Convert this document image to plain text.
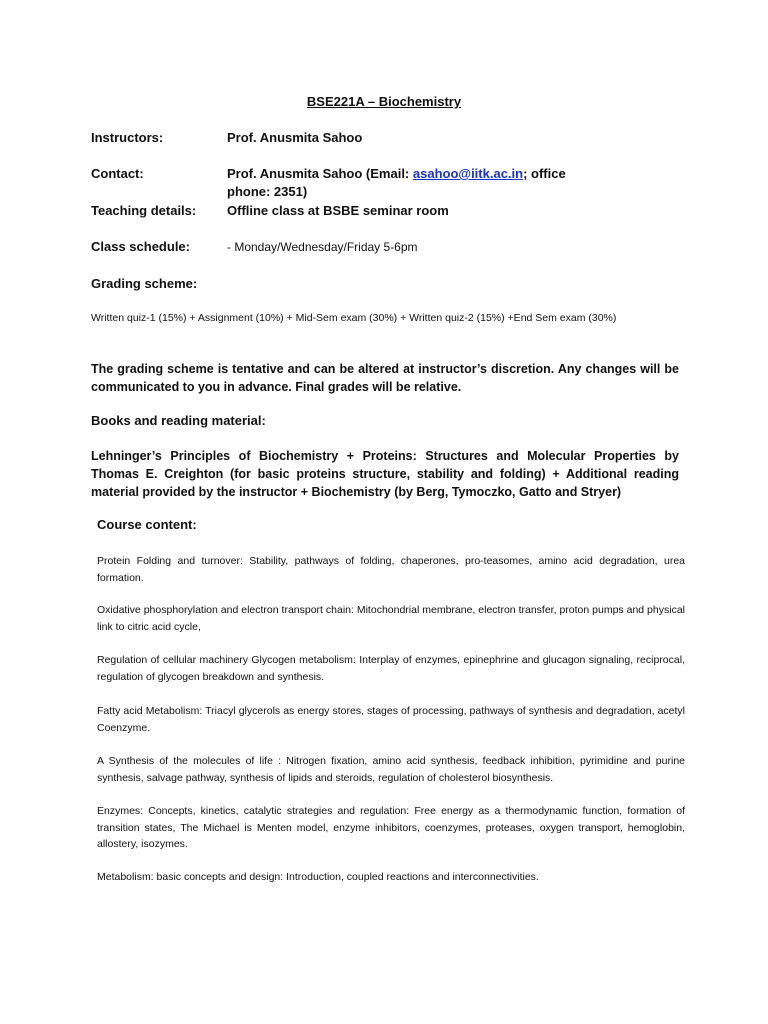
BSE221A – Biochemistry
Instructors:	Prof. Anusmita Sahoo
Contact:	Prof. Anusmita Sahoo (Email: asahoo@iitk.ac.in; office
phone: 2351)
Teaching details: Offline class at BSBE seminar room
Class schedule:	- Monday/Wednesday/Friday 5-6pm
Grading scheme:
Written quiz-1 (15%) + Assignment (10%) + Mid-Sem exam (30%) + Written quiz-2 (15%) +End Sem exam (30%)
The grading scheme is tentative and can be altered at instructor’s discretion. Any changes will be communicated to you in advance. Final grades will be relative.
Books and reading material:
Lehninger’s Principles of Biochemistry + Proteins: Structures and Molecular Properties by Thomas E. Creighton (for basic proteins structure, stability and folding) + Additional reading material provided by the instructor + Biochemistry (by Berg, Tymoczko, Gatto and Stryer)
Course content:
Protein Folding and turnover: Stability, pathways of folding, chaperones, pro-teasomes, amino acid degradation, urea formation.
Oxidative phosphorylation and electron transport chain: Mitochondrial membrane, electron transfer, proton pumps and physical link to citric acid cycle,
Regulation of cellular machinery Glycogen metabolism: Interplay of enzymes, epinephrine and glucagon signaling, reciprocal, regulation of glycogen breakdown and synthesis.
Fatty acid Metabolism: Triacyl glycerols as energy stores, stages of processing, pathways of synthesis and degradation, acetyl Coenzyme.
A Synthesis of the molecules of life : Nitrogen fixation, amino acid synthesis, feedback inhibition, pyrimidine and purine synthesis, salvage pathway, synthesis of lipids and steroids, regulation of cholesterol biosynthesis.
Enzymes: Concepts, kinetics, catalytic strategies and regulation: Free energy as a thermodynamic function, formation of transition states, The Michael is Menten model, enzyme inhibitors, coenzymes, proteases, oxygen transport, hemoglobin, allostery, isozymes.
Metabolism: basic concepts and design: Introduction, coupled reactions and interconnectivities.
